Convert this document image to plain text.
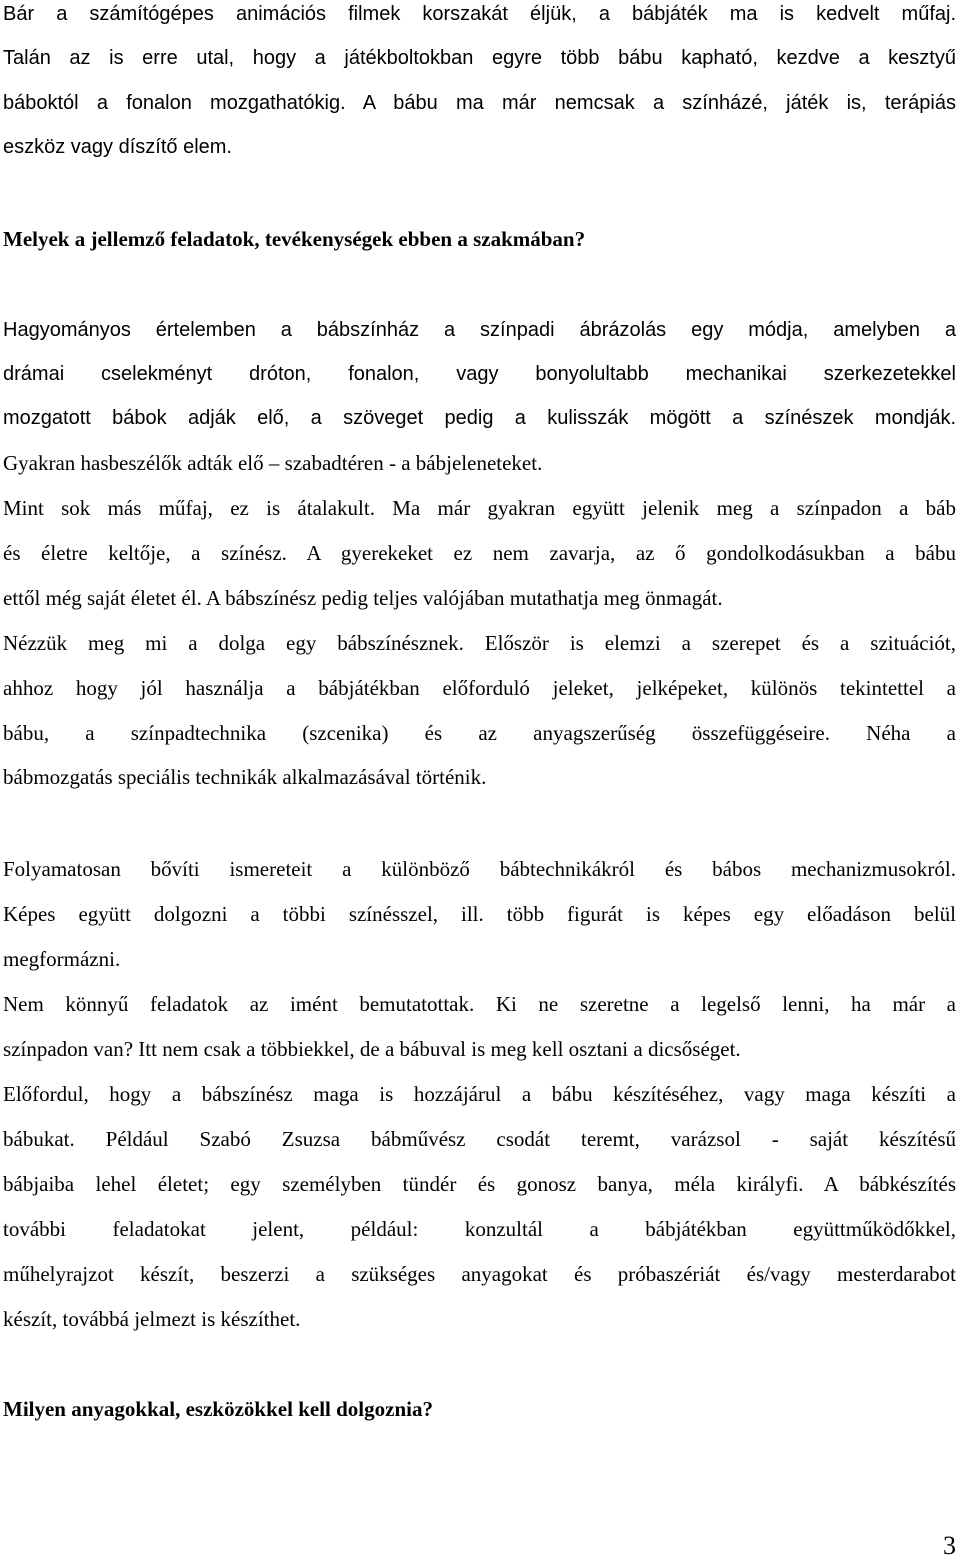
Bár a számítógépes animációs filmek korszakát éljük, a bábjáték ma is kedvelt műfaj.
Talán az is erre utal, hogy a játékboltokban egyre több bábu kapható, kezdve a kesztyű
báboktól a fonalon mozgathatókig. A bábu ma már nemcsak a színházé, játék is, terápiás
eszköz vagy díszítő elem.
Melyek a jellemző feladatok, tevékenységek ebben a szakmában?
Hagyományos értelemben a bábszínház a színpadi ábrázolás egy módja, amelyben a
drámai cselekményt dróton, fonalon, vagy bonyolultabb mechanikai szerkezetekkel
mozgatott bábok adják elő, a szöveget pedig a kulisszák mögött a színészek mondják.
Gyakran hasbeszélők adták elő – szabadtéren - a bábjeleneteket.
Mint sok más műfaj, ez is átalakult. Ma már gyakran együtt jelenik meg a színpadon a báb
és életre keltője, a színész. A gyerekeket ez nem zavarja, az ő gondolkodásukban a bábu
ettől még saját életet él. A bábszínész pedig teljes valójában mutathatja meg önmagát.
Nézzük meg mi a dolga egy bábszínésznek. Először is elemzi a szerepet és a szituációt,
ahhoz hogy jól használja a bábjátékban előforduló jeleket, jelképeket, különös tekintettel a
bábu, a színpadtechnika (szcenika) és az anyagszerűség összefüggéseire. Néha a
bábmozgatás speciális technikák alkalmazásával történik.
Folyamatosan bővíti ismereteit a különböző bábtechnikákról és bábos mechanizmusokról.
Képes együtt dolgozni a többi színésszel, ill. több figurát is képes egy előadáson belül
megformázni.
Nem könnyű feladatok az imént bemutatottak. Ki ne szeretne a legelső lenni, ha már a
színpadon van? Itt nem csak a többiekkel, de a bábuval is meg kell osztani a dicsőséget.
Előfordul, hogy a bábszínész maga is hozzájárul a bábu készítéséhez, vagy maga készíti a
bábukat. Például Szabó Zsuzsa bábművész csodát teremt, varázsol - saját készítésű
bábjaiba lehel életet; egy személyben tündér és gonosz banya, méla királyfi. A bábkészítés
további feladatokat jelent, például: konzultál a bábjátékban együttműködőkkel,
műhelyrajzot készít, beszerzi a szükséges anyagokat és próbaszériát és/vagy mesterdarabot
készít, továbbá jelmezt is készíthet.
Milyen anyagokkal, eszközökkel kell dolgoznia?
3
